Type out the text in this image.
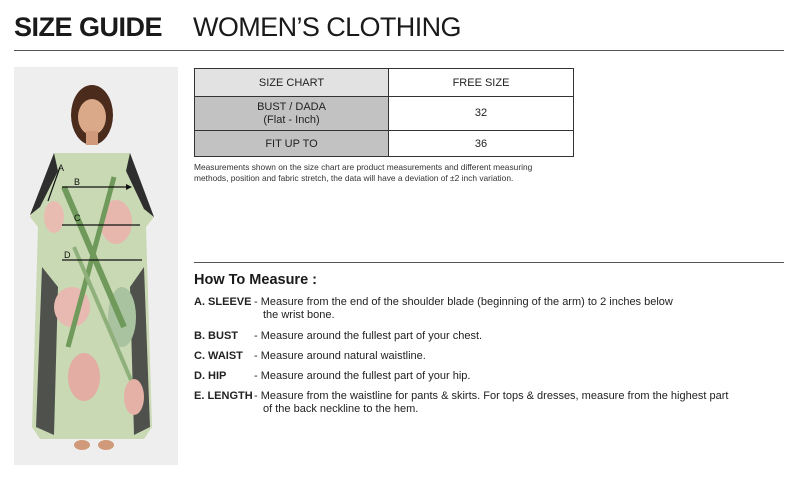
SIZE GUIDE WOMEN’S CLOTHING
A
B
C
D
SIZE CHART	FREE SIZE

BUST / DADA
(Flat - Inch)	32
FIT UP TO	36
Measurements shown on the size chart are product measurements and different measuring
methods, position and fabric stretch, the data will have a deviation of ±2 inch variation.
How To Measure :
A. SLEEVE - Measure from the end of the shoulder blade (beginning of the arm) to 2 inches below
the wrist bone.
B. BUST - Measure around the fullest part of your chest.
C. WAIST - Measure around natural waistline.
D. HIP	- Measure around the fullest part of your hip.
E. LENGTH - Measure from the waistline for pants & skirts. For tops & dresses, measure from the highest part
of the back neckline to the hem.
